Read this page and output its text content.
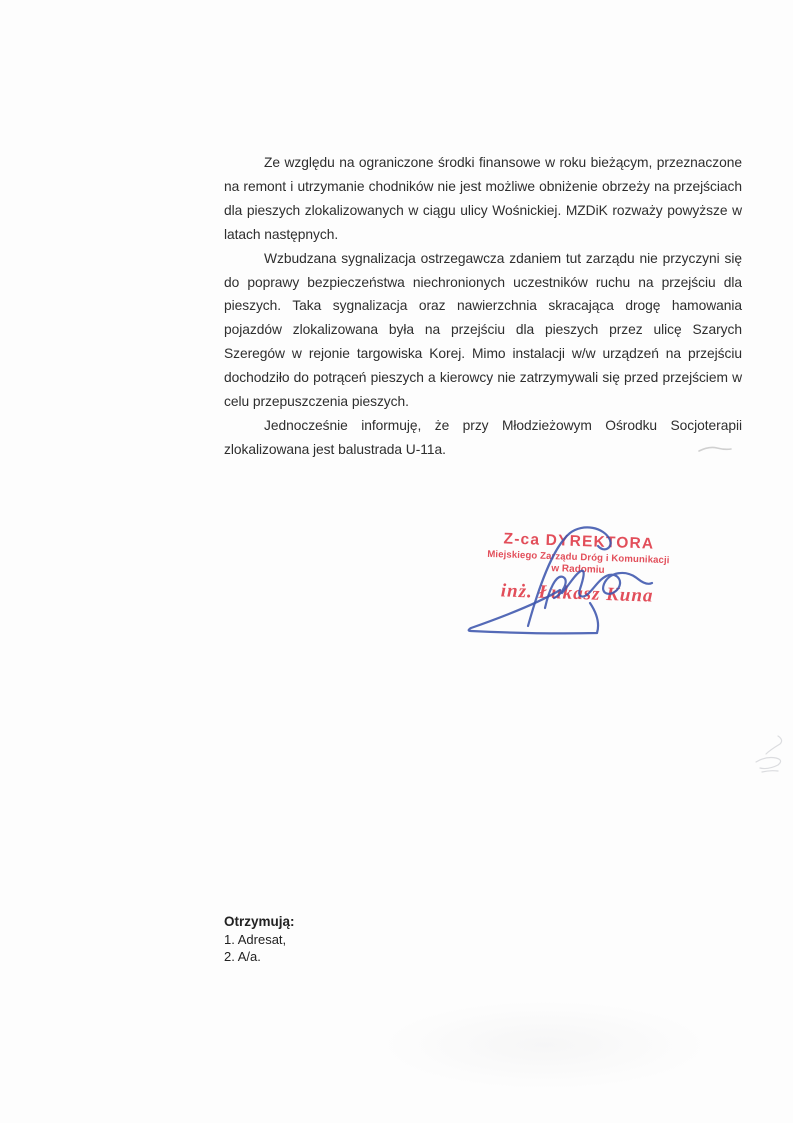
Ze względu na ograniczone środki finansowe w roku bieżącym, przeznaczone na remont i utrzymanie chodników nie jest możliwe obniżenie obrzeży na przejściach dla pieszych zlokalizowanych w ciągu ulicy Wośnickiej. MZDiK rozważy powyższe w latach następnych.

Wzbudzana sygnalizacja ostrzegawcza zdaniem tut zarządu nie przyczyni się do poprawy bezpieczeństwa niechronionych uczestników ruchu na przejściu dla pieszych. Taka sygnalizacja oraz nawierzchnia skracająca drogę hamowania pojazdów zlokalizowana była na przejściu dla pieszych przez ulicę Szarych Szeregów w rejonie targowiska Korej. Mimo instalacji w/w urządzeń na przejściu dochodziło do potrąceń pieszych a kierowcy nie zatrzymywali się przed przejściem w celu przepuszczenia pieszych.

Jednocześnie informuję, że przy Młodzieżowym Ośrodku Socjoterapii zlokalizowana jest balustrada U-11a.

Z-ca DYREKTORA
Miejskiego Zarządu Dróg i Komunikacji
w Radomiu
inż. Łukasz Kuna
Otrzymują:
1. Adresat,
2. A/a.
